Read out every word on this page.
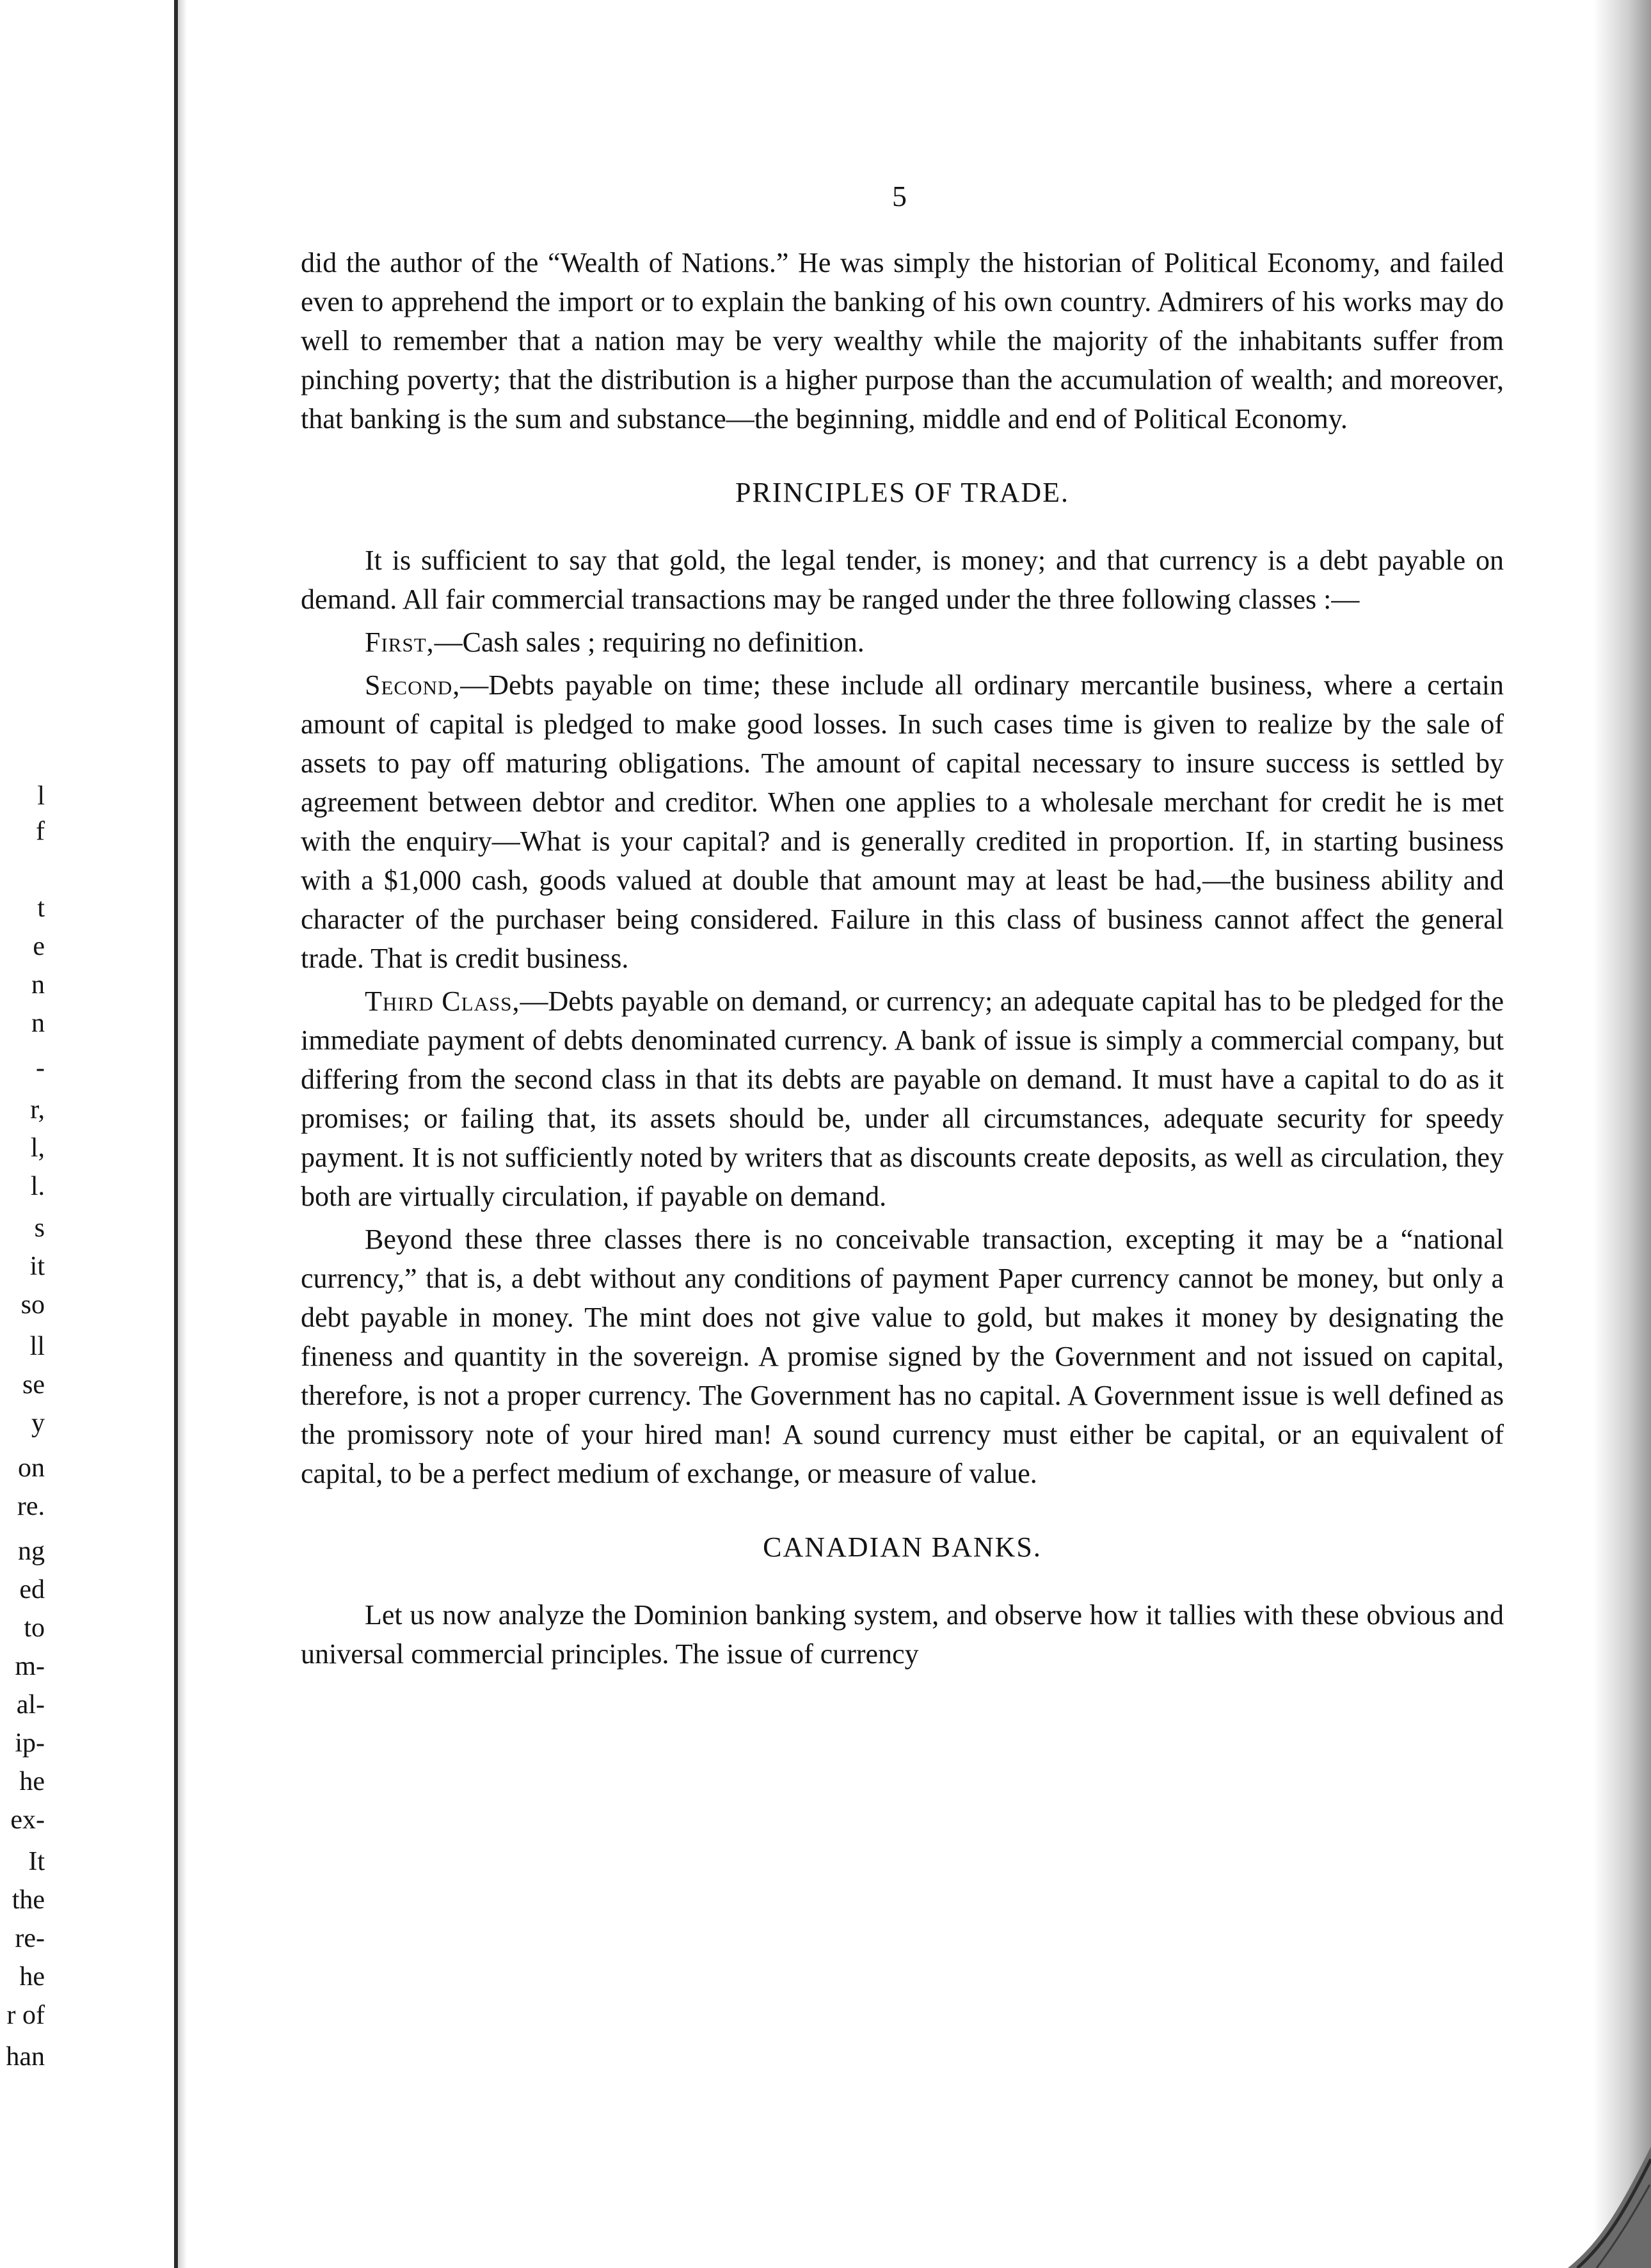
l
f
t
e
n
n
-
r,
l,
l.
s
it
so
ll
se
y
on
re.
ng
ed
to
m-
al-
ip-
he
ex-
It
the
re-
he
r of
han
5

did the author of the “Wealth of Nations.” He was simply the historian of Political Economy, and failed even to apprehend the import or to explain the banking of his own country. Admirers of his works may do well to remember that a nation may be very wealthy while the majority of the inhabitants suffer from pinching poverty; that the distribution is a higher purpose than the accumulation of wealth; and moreover, that banking is the sum and substance—the beginning, middle and end of Political Economy.

PRINCIPLES OF TRADE.

It is sufficient to say that gold, the legal tender, is money; and that currency is a debt payable on demand. All fair commercial transactions may be ranged under the three following classes :—

First,—Cash sales ; requiring no definition.

Second,—Debts payable on time; these include all ordinary mercantile business, where a certain amount of capital is pledged to make good losses. In such cases time is given to realize by the sale of assets to pay off maturing obligations. The amount of capital necessary to insure success is settled by agreement between debtor and creditor. When one applies to a wholesale merchant for credit he is met with the enquiry—What is your capital? and is generally credited in proportion. If, in starting business with a $1,000 cash, goods valued at double that amount may at least be had,—the business ability and character of the purchaser being considered. Failure in this class of business cannot affect the general trade. That is credit business.

Third Class,—Debts payable on demand, or currency; an adequate capital has to be pledged for the immediate payment of debts denominated currency. A bank of issue is simply a commercial company, but differing from the second class in that its debts are payable on demand. It must have a capital to do as it promises; or failing that, its assets should be, under all circumstances, adequate security for speedy payment. It is not sufficiently noted by writers that as discounts create deposits, as well as circulation, they both are virtually circulation, if payable on demand.

Beyond these three classes there is no conceivable transaction, excepting it may be a “national currency,” that is, a debt without any conditions of payment Paper currency cannot be money, but only a debt payable in money. The mint does not give value to gold, but makes it money by designating the fineness and quantity in the sovereign. A promise signed by the Government and not issued on capital, therefore, is not a proper currency. The Government has no capital. A Government issue is well defined as the promissory note of your hired man! A sound currency must either be capital, or an equivalent of capital, to be a perfect medium of exchange, or measure of value.

CANADIAN BANKS.

Let us now analyze the Dominion banking system, and observe how it tallies with these obvious and universal commercial principles. The issue of currency
